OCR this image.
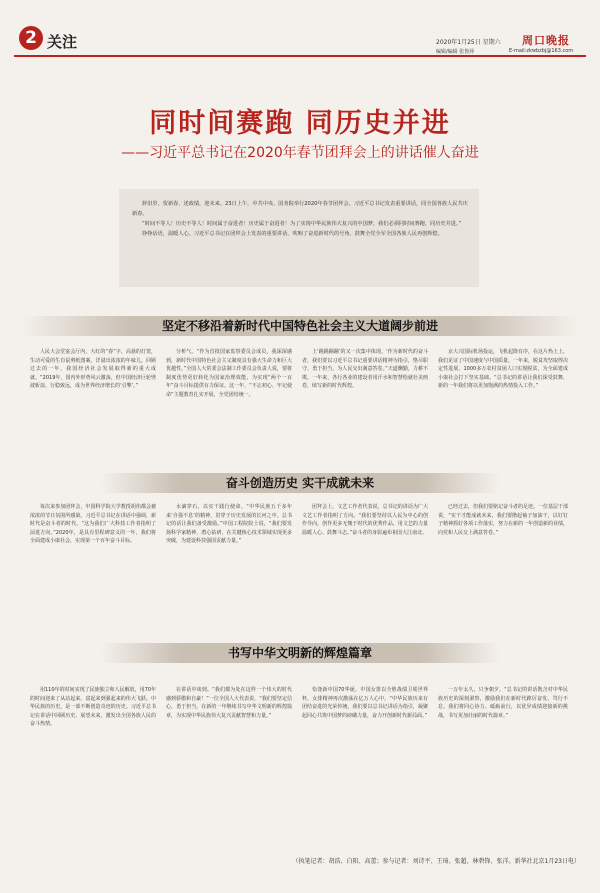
2 关注	2020年1月25日 星期六 周口晚报
编辑/编辑 张鲁萍	E-mail:zkwbzbj@163.com
同时间赛跑 同历史并进
——习近平总书记在2020年春节团拜会上的讲话催人奋进

辞旧岁，贺新春，述政绩，迎未来。23日上午，中共中央、国务院举行2020年春节团拜会，习近平总书记发表重要讲话，同全国各族人民共庆新春。

“时间不等人！历史不等人！时间属于奋进者！历史属于奋进者！为了实现中华民族伟大复兴的中国梦，我们必须同时间赛跑、同历史并进。”

铮铮话语，温暖人心。习近平总书记在团拜会上发表的重要讲话，吹响了奋进新时代的号角，鼓舞全党全军全国各族人民再创辉煌。

坚定不移沿着新时代中国特色社会主义大道阔步前进

人民大会堂宴会厅内，大红的“春”字、高悬的灯笼，生动可爱的生肖鼠剪纸图案，洋溢出浓浓的年味儿。回顾过去的一年，我国经济社会发展取得新的重大成就。“2019年，国内外形势风云激荡，但中国经济巨轮劈波斩浪、行稳致远，成为世界经济增长的‘引擎’。”

分析气。“作为首批国家监察委员会成员，我深深感到，新时代中国特色社会主义制度具有强大生命力和巨大优越性。”全国人大常委会法制工作委员会负责人说，要将制度优势更好转化为国家治理效能，为实现“两个一百年”奋斗目标提供有力保证。这一年，“不忘初心、牢记使命”主题教育扎实开展，全党团结统一。

上‘跳跳蹦蹦’的又一次集中体现。‘作为新时代的奋斗者，我们要以习近平总书记重要讲话精神为指引，恪尽职守、勇于担当，为人民交出满意答卷。”天道酬勤，力耕不欺。一年来，各行各业的建设者用汗水和智慧绘就壮美画卷，续写新的时代辉煌。

京大兴国际机场投运，飞机起降有序，在这片热土上，我们见证了中国速度与中国质量。一年来，脱贫攻坚取得决定性进展，1000多万农村贫困人口实现脱贫，为全面建成小康社会打下坚实基础。“总书记的讲话让我们深受鼓舞，新的一年我们将以更加饱满的热情投入工作。”

奋斗创造历史 实干成就未来

每次来参加团拜会，中国科学院大学教授胡伟都会被浓浓的节日氛围所感染。习近平总书记在讲话中强调，新时代是奋斗者的时代，“这为我们广大科技工作者指明了前进方向。”2020年，是具有里程碑意义的一年，我们将全面建成小康社会，实现第一个百年奋斗目标。

水滴穿石，以实干践行使命。“中华民族五千多年来‘自强不息’的精神，贯穿于历史发展的长河之中。总书记的话让我们备受激励。”中国工程院院士说，“我们要发扬科学家精神，潜心钻研，在关键核心技术领域实现更多突破，为建设科技强国贡献力量。”

团拜会上，文艺工作者代表说，总书记的讲话为广大文艺工作者指明了方向。“我们要坚持以人民为中心的创作导向，创作更多无愧于时代的优秀作品，用文艺的力量温暖人心、鼓舞斗志。”奋斗者的身影遍布祖国大江南北。

已经过去，但我们要铭记奋斗者的足迹。一位基层干部说，“实干才能成就未来，我们要撸起袖子加油干，以钉钉子精神抓好各项工作落实，努力在新的一年创造新的业绩，向党和人民交上满意答卷。”

书写中华文明新的辉煌篇章

用110年的时间实现了民族独立和人民解放，用70年的时间迎来了从站起来、富起来到强起来的伟大飞跃。中华民族的历史，是一部不断创造奇迹的历史。习近平总书记在讲话中回顾历史、展望未来，激发出全国各族人民的奋斗热情。

在讲话中谈到。“我们都为处在这样一个伟大的时代感到骄傲和自豪！”一位全国人大代表说，“我们要坚定信心，勇于担当，在新的一年继续书写中华文明新的辉煌篇章，为实现中华民族伟大复兴贡献智慧和力量。”

恰逢新中国70华诞，中国女排以全胜战绩卫冕世界杯，女排精神再次激荡在亿万人心中。“中华民族历来有团结奋进的光荣传统，我们要以总书记讲话为指引，凝聚起同心共筑中国梦的磅礴力量，奋力开创新时代新局面。”

一万年太久，只争朝夕。“总书记的讲话饱含对中华民族历史的深刻洞察，激励我们在新时代踔厉奋发、笃行不怠。我们将同心协力、砥砺前行，以优异成绩迎接新的挑战，书写更加壮丽的时代篇章。”

（执笔记者：胡浩、白阳、高蕾；参与记者：刘诗平、王琦、张超、林碧锋、张洋。新华社北京1月23日电）
